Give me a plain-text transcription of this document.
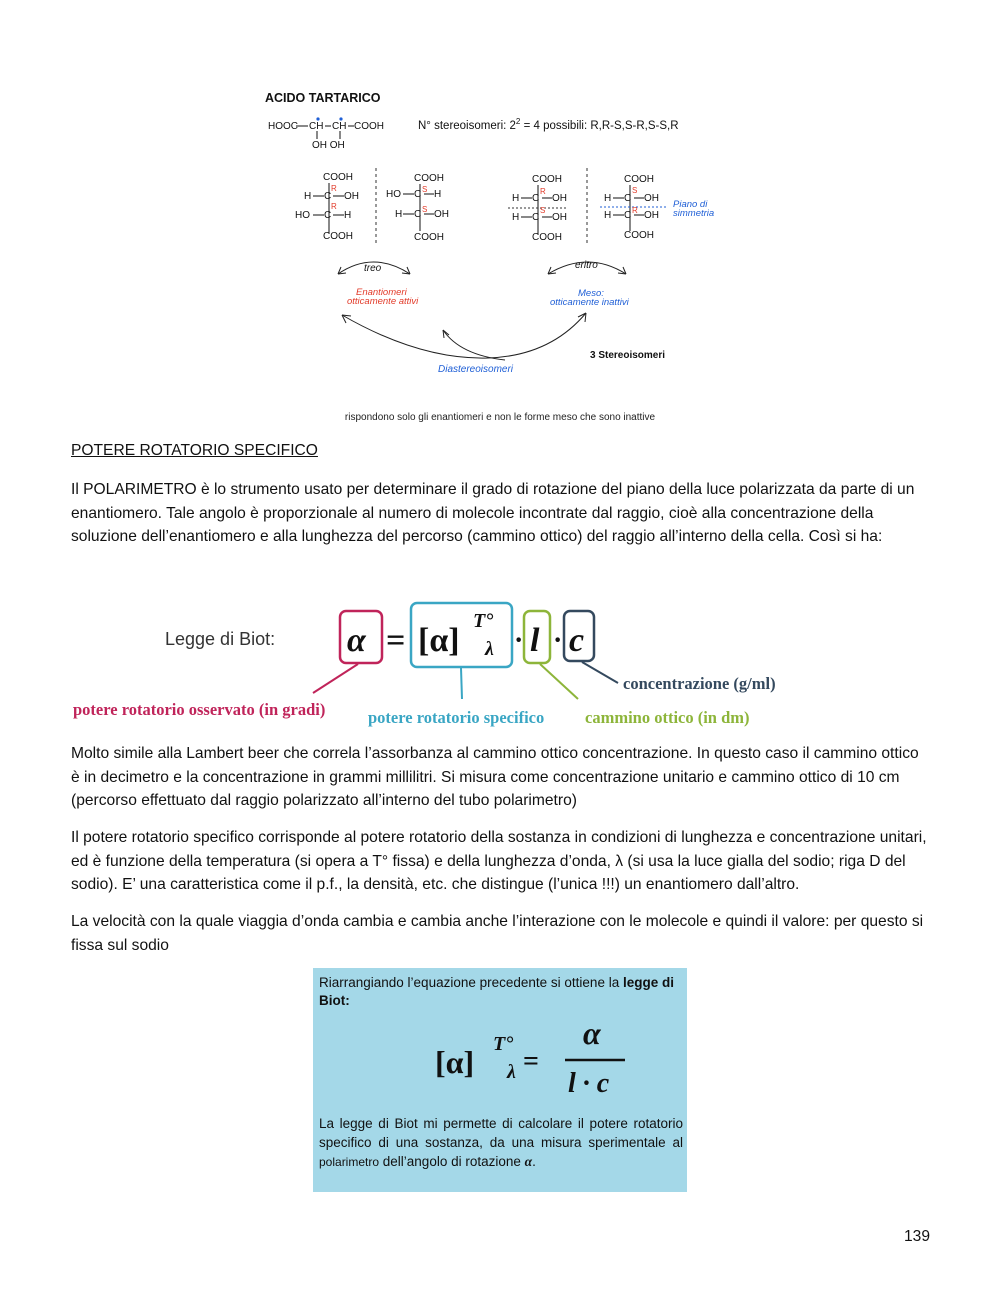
ACIDO TARTARICO
HOOC CH CH COOH
OH OH
N° stereoisomeri: $2^2 = 4$ possibili: R,R-S,S-R,S-S,R
COOH
R
H C OH
R
HO C H
COOH
COOH
S
HO C H
H C S OH
COOH
COOH
R
H C OH
S
H C OH
COOH
COOH
S
H C OH
R
H C OH
COOH
Piano di
simmetria
treo	eritro
Enantiomeri
otticamente attivi
Meso:
otticamente inattivi
Diastereoisomeri
3 Stereoisomeri
rispondono solo gli enantiomeri e non le forme meso che sono inattive
POTERE ROTATORIO SPECIFICO
Il POLARIMETRO è lo strumento usato per determinare il grado di rotazione del piano della luce polarizzata da parte di un enantiomero. Tale angolo è proporzionale al numero di molecole incontrate dal raggio, cioè alla concentrazione della soluzione dell’enantiomero e alla lunghezza del percorso (cammino ottico) del raggio all’interno della cella. Così si ha:
Legge di Biot: α = [α]
T°
λ · l · c
potere rotatorio osservato (in gradi)	potere rotatorio specifico cammino ottico (in dm)
concentrazione (g/ml)
Molto simile alla Lambert beer che correla l’assorbanza al cammino ottico concentrazione. In questo caso il cammino ottico è in decimetro e la concentrazione in grammi millilitri. Si misura come concentrazione unitario e cammino ottico di 10 cm (percorso effettuato dal raggio polarizzato all’interno del tubo polarimetro)
Il potere rotatorio specifico corrisponde al potere rotatorio della sostanza in condizioni di lunghezza e concentrazione unitari, ed è funzione della temperatura (si opera a T° fissa) e della lunghezza d’onda, λ (si usa la luce gialla del sodio; riga D del sodio). E’ una caratteristica come il p.f., la densità, etc. che distingue (l’unica !!!) un enantiomero dall’altro.
La velocità con la quale viaggia d’onda cambia e cambia anche l’interazione con le molecole e quindi il valore: per questo si fissa sul sodio
Riarrangiando l’equazione precedente si ottiene la legge di Biot:
[α] T°
λ =
α
l · c
La legge di Biot mi permette di calcolare il potere rotatorio specifico di una sostanza, da una misura sperimentale al polarimetro dell’angolo di rotazione α.
139
